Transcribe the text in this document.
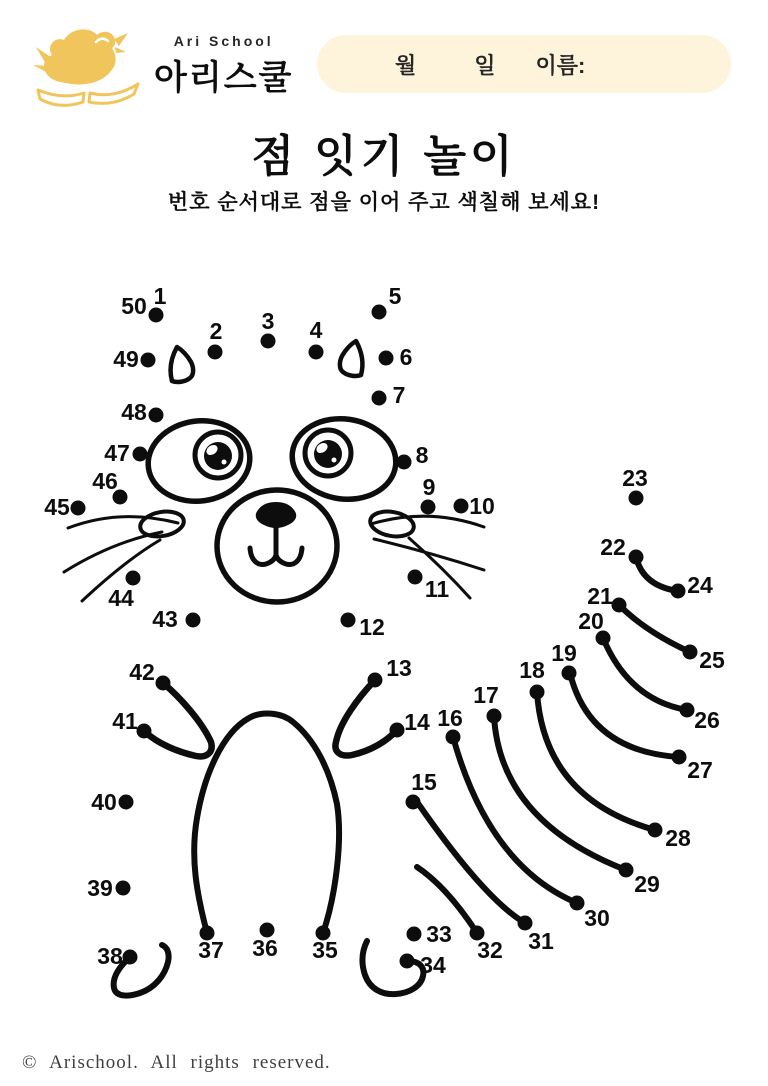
Ari School
아리스쿨	월	일 이름:
점 잇기 놀이

번호 순서대로 점을 이어 주고 색칠해 보세요!

1
2 3 4
5
6
7
8
9
10
11
12
13
14
15
16
17
18
19
20
21
22
23
24
25
26
27
28
29
30
31
32
33
34
35
36
37
38
39
40
41
42
43
44
45
46
47
48
49
50
© Arischool. All rights reserved.
